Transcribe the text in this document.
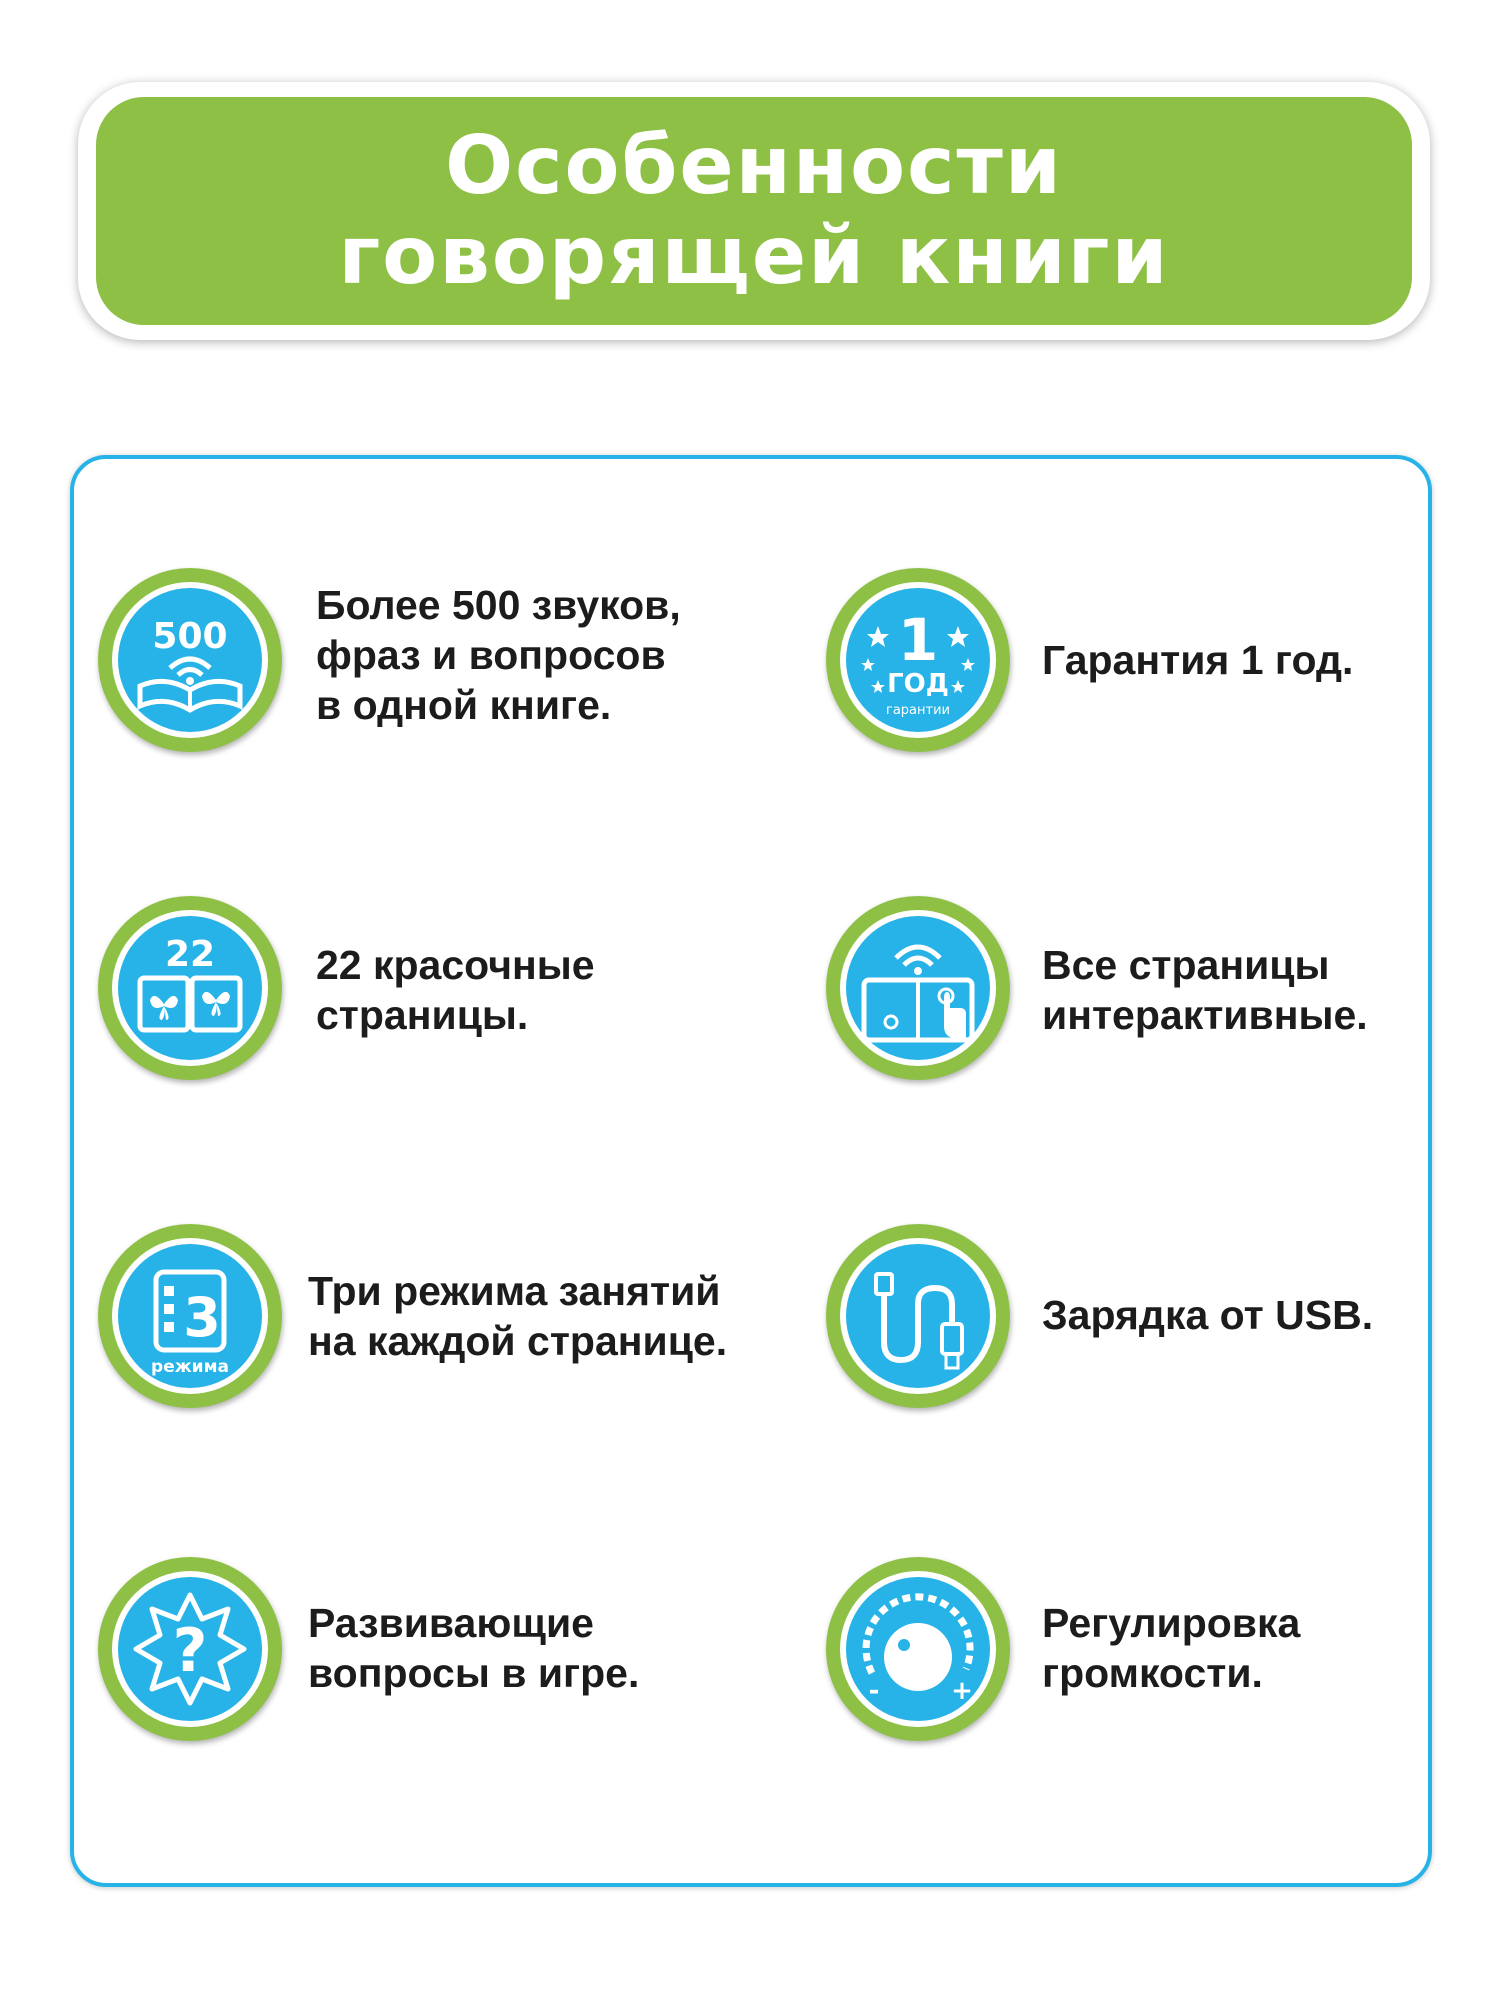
Особенности
говорящей книги
500
Более 500 звуков,
фраз и вопросов
в одной книге.
1
ГОД
гарантии
Гарантия 1 год.
22 22 красочные
страницы.
Все страницы
интерактивные.
3
режима
Три режима занятий
на каждой странице.
Зарядка от USB.
? Развивающие
вопросы в игре.	-	+
Регулировка
громкости.
